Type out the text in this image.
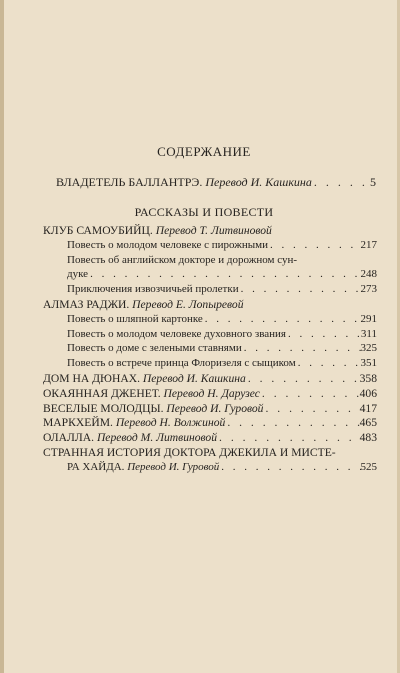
СОДЕРЖАНИЕ
ВЛАДЕТЕЛЬ БАЛЛАНТРЭ. Перевод И. Кашкина . . .	5
РАССКАЗЫ И ПОВЕСТИ
КЛУБ САМОУБИЙЦ. Перевод Т. Литвиновой
Повесть о молодом человеке с пирожными . . .	217
Повесть об английском докторе и дорожном сун-
дуке . . .	248
Приключения извозчичьей пролетки . . .	273
АЛМАЗ РАДЖИ. Перевод Е. Лопыревой
Повесть о шляпной картонке . . .	291
Повесть о молодом человеке духовного звания . . .	311
Повесть о доме с зелеными ставнями . . .	325
Повесть о встрече принца Флоризеля с сыщиком . . .	351
ДОМ НА ДЮНАХ. Перевод И. Кашкина . . .	358
ОКАЯННАЯ ДЖЕНЕТ. Перевод Н. Дарузес . . .	406
ВЕСЕЛЫЕ МОЛОДЦЫ. Перевод И. Гуровой . . .	417
МАРКХЕЙМ. Перевод Н. Волжиной . . .	465
ОЛАЛЛА. Перевод М. Литвиновой . . .	483
СТРАННАЯ ИСТОРИЯ ДОКТОРА ДЖЕКИЛА И МИСТЕ-
РА ХАЙДА. Перевод И. Гуровой . . .	525
